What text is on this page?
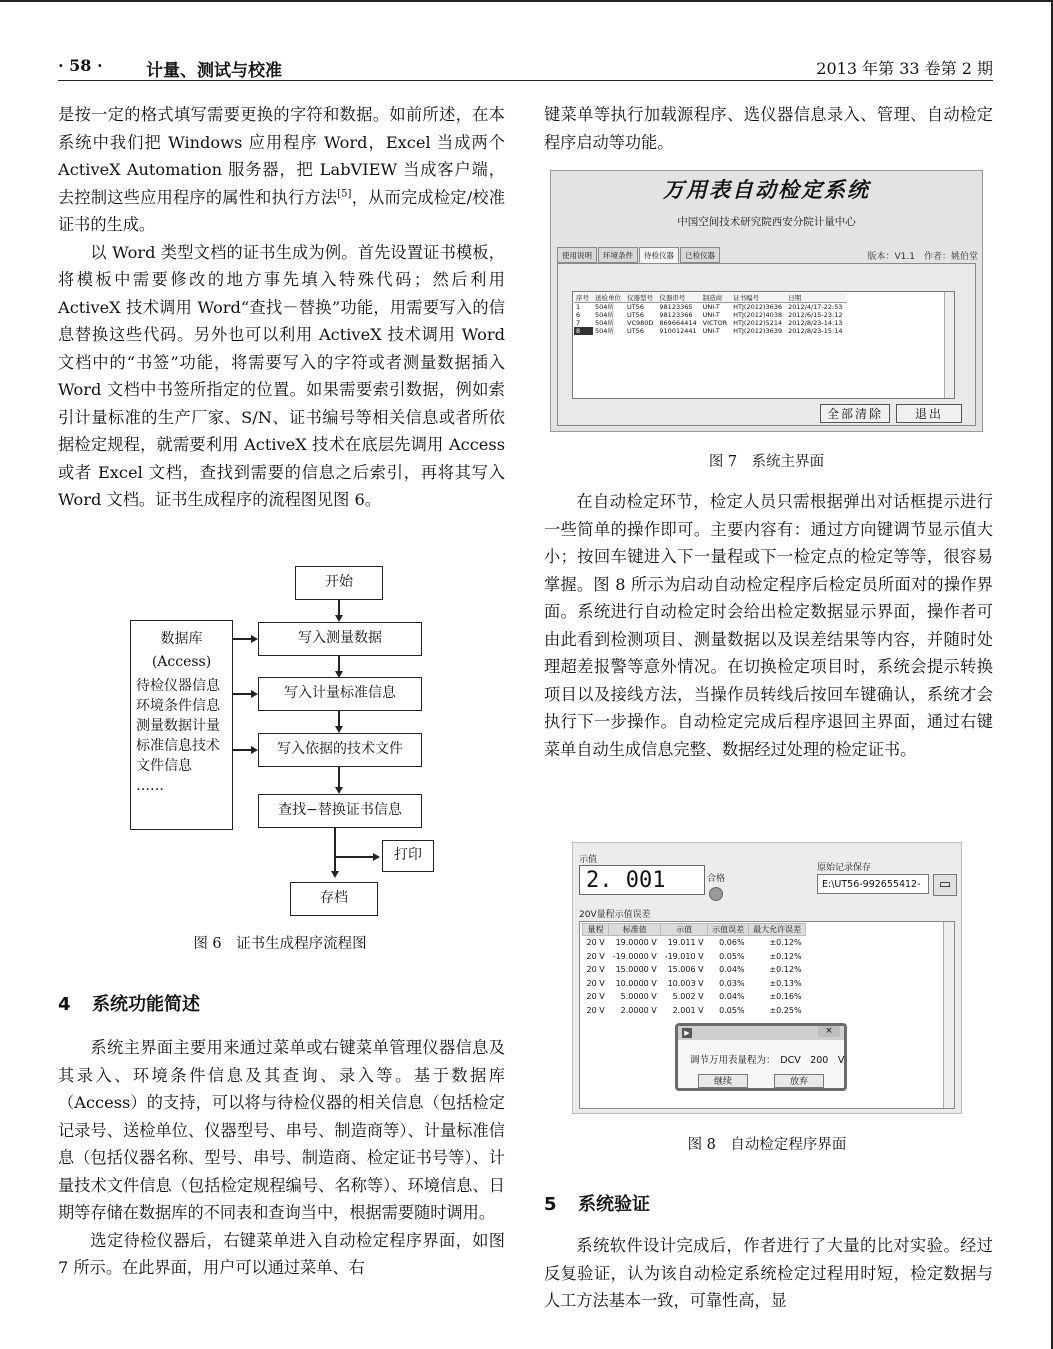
· 58 ·	计量、测试与校准	2013 年第 33 卷第 2 期

是按一定的格式填写需要更换的字符和数据。如前所述，在本系统中我们把 Windows 应用程序 Word，Excel 当成两个 ActiveX Automation 服务器，把 LabVIEW 当成客户端，去控制这些应用程序的属性和执行方法[5]，从而完成检定/校准证书的生成。

以 Word 类型文档的证书生成为例。首先设置证书模板，将模板中需要修改的地方事先填入特殊代码；然后利用 ActiveX 技术调用 Word“查找－替换”功能，用需要写入的信息替换这些代码。另外也可以利用 ActiveX 技术调用 Word 文档中的“书签”功能，将需要写入的字符或者测量数据插入 Word 文档中书签所指定的位置。如果需要索引数据，例如索引计量标准的生产厂家、S/N、证书编号等相关信息或者所依据检定规程，就需要利用 ActiveX 技术在底层先调用 Access 或者 Excel 文档，查找到需要的信息之后索引，再将其写入 Word 文档。证书生成程序的流程图见图 6。

开始
写入测量数据
写入计量标准信息
写入依据的技术文件
查找−替换证书信息
打印
存档
数据库
(Access)
待检仪器信息
环境条件信息
测量数据计量
标准信息技术
文件信息
……
图 6　证书生成程序流程图
4 系统功能简述

系统主界面主要用来通过菜单或右键菜单管理仪器信息及其录入、环境条件信息及其查询、录入等。基于数据库（Access）的支持，可以将与待检仪器的相关信息（包括检定记录号、送检单位、仪器型号、串号、制造商等）、计量标准信息（包括仪器名称、型号、串号、制造商、检定证书号等）、计量技术文件信息（包括检定规程编号、名称等）、环境信息、日期等存储在数据库的不同表和查询当中，根据需要随时调用。

选定待检仪器后，右键菜单进入自动检定程序界面，如图 7 所示。在此界面，用户可以通过菜单、右

键菜单等执行加载源程序、选仪器信息录入、管理、自动检定程序启动等功能。

万用表自动检定系统
中国空间技术研究院西安分院计量中心
使用说明	环境条件	待检仪器	已检仪器	版本：V1.1　作者：姚伯堂
序号	送检单位	仪器型号	仪器串号	制造商	证书编号	日期
1	504所	UT56	98123365	UNI-T	HTJ(2012)3636	2012/4/17-22:53
6	504所	UT56	98123366	UNI-T	HTJ(2012)4038	2012/6/15-23:12
7	504所	VC980D	869664414	VICTOR	HTJ(2012)5214	2012/8/23-14:13
8	504所	UT56	910012441	UNI-T	HTJ(2012)3639	2012/8/23-15:14
全部清除	退出
图 7　系统主界面

在自动检定环节，检定人员只需根据弹出对话框提示进行一些简单的操作即可。主要内容有：通过方向键调节显示值大小；按回车键进入下一量程或下一检定点的检定等等，很容易掌握。图 8 所示为启动自动检定程序后检定员所面对的操作界面。系统进行自动检定时会给出检定数据显示界面，操作者可由此看到检测项目、测量数据以及误差结果等内容，并随时处理超差报警等意外情况。在切换检定项目时，系统会提示转换项目以及接线方法，当操作员转线后按回车键确认，系统才会执行下一步操作。自动检定完成后程序退回主界面，通过右键菜单自动生成信息完整、数据经过处理的检定证书。

示值
2. 001	合格
原始记录保存
E:\UT56-992655412-	▭
20V量程示值误差
量程	标准值	示值	示值误差	最大允许误差
20 V	19.0000 V	19.011 V	0.06%	±0.12%
20 V	-19.0000 V	-19.010 V	0.05%	±0.12%
20 V	15.0000 V	15.006 V	0.04%	±0.12%
20 V	10.0000 V	10.003 V	0.03%	±0.13%
20 V	5.0000 V	5.002 V	0.04%	±0.16%
20 V	2.0000 V	2.001 V	0.05%	±0.25%
▶	×
调节万用表量程为：　DCV　200　V
继续	放弃
图 8　自动检定程序界面
5 系统验证

系统软件设计完成后，作者进行了大量的比对实验。经过反复验证，认为该自动检定系统检定过程用时短，检定数据与人工方法基本一致，可靠性高，显
